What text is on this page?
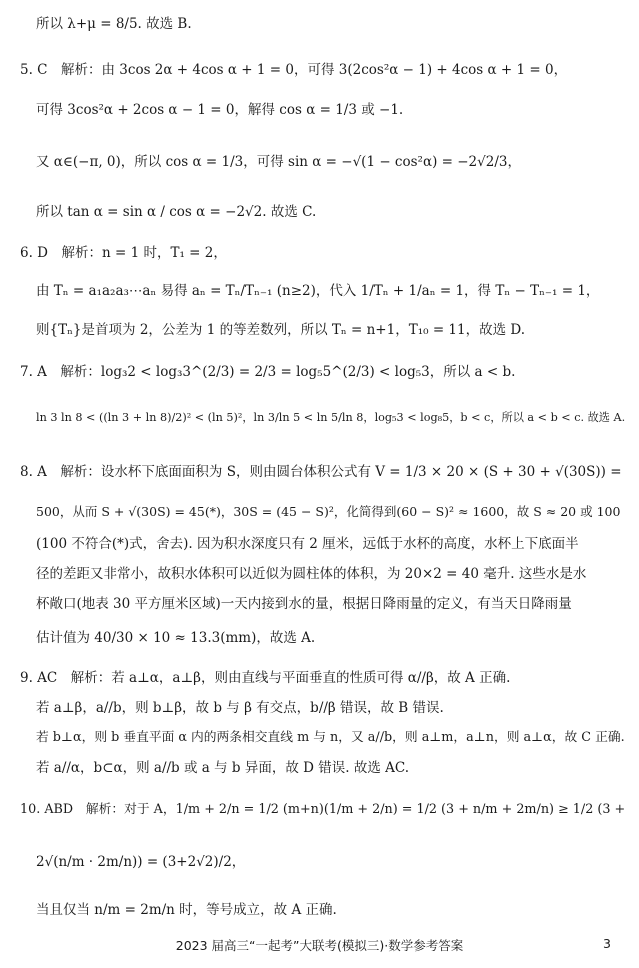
所以 λ+μ = 8/5. 故选 B.
5. C　解析：由 3cos 2α + 4cos α + 1 = 0，可得 3(2cos²α − 1) + 4cos α + 1 = 0，
可得 3cos²α + 2cos α − 1 = 0，解得 cos α = 1/3 或 −1.
又 α∈(−π, 0)，所以 cos α = 1/3，可得 sin α = −√(1 − cos²α) = −2√2/3，
所以 tan α = sin α / cos α = −2√2. 故选 C.
6. D　解析：n = 1 时，T₁ = 2，
由 Tₙ = a₁a₂a₃⋯aₙ 易得 aₙ = Tₙ/Tₙ₋₁ (n≥2)，代入 1/Tₙ + 1/aₙ = 1，得 Tₙ − Tₙ₋₁ = 1，
则{Tₙ}是首项为 2，公差为 1 的等差数列，所以 Tₙ = n+1，T₁₀ = 11，故选 D.
7. A　解析：log₃2 < log₃3^(2/3) = 2/3 = log₅5^(2/3) < log₅3，所以 a < b.
ln 3 ln 8 < ((ln 3 + ln 8)/2)² < (ln 5)²，ln 3/ln 5 < ln 5/ln 8，log₅3 < log₈5，b < c，所以 a < b < c. 故选 A.
8. A　解析：设水杯下底面面积为 S，则由圆台体积公式有 V = 1/3 × 20 × (S + 30 + √(30S)) =
500，从而 S + √(30S) = 45(*)，30S = (45 − S)²，化简得到(60 − S)² ≈ 1600，故 S ≈ 20 或 100
(100 不符合(*)式，舍去). 因为积水深度只有 2 厘米，远低于水杯的高度，水杯上下底面半
径的差距又非常小，故积水体积可以近似为圆柱体的体积，为 20×2 = 40 毫升. 这些水是水
杯敞口(地表 30 平方厘米区域)一天内接到水的量，根据日降雨量的定义，有当天日降雨量
估计值为 40/30 × 10 ≈ 13.3(mm)，故选 A.
9. AC　解析：若 a⊥α，a⊥β，则由直线与平面垂直的性质可得 α//β，故 A 正确.
若 a⊥β，a//b，则 b⊥β，故 b 与 β 有交点，b//β 错误，故 B 错误.
若 b⊥α，则 b 垂直平面 α 内的两条相交直线 m 与 n，又 a//b，则 a⊥m，a⊥n，则 a⊥α，故 C 正确.
若 a//α，b⊂α，则 a//b 或 a 与 b 异面，故 D 错误. 故选 AC.
10. ABD　解析：对于 A，1/m + 2/n = 1/2 (m+n)(1/m + 2/n) = 1/2 (3 + n/m + 2m/n) ≥ 1/2 (3 +
2√(n/m · 2m/n)) = (3+2√2)/2，
当且仅当 n/m = 2m/n 时，等号成立，故 A 正确.
2023 届高三“一起考”大联考(模拟三)·数学参考答案	3
